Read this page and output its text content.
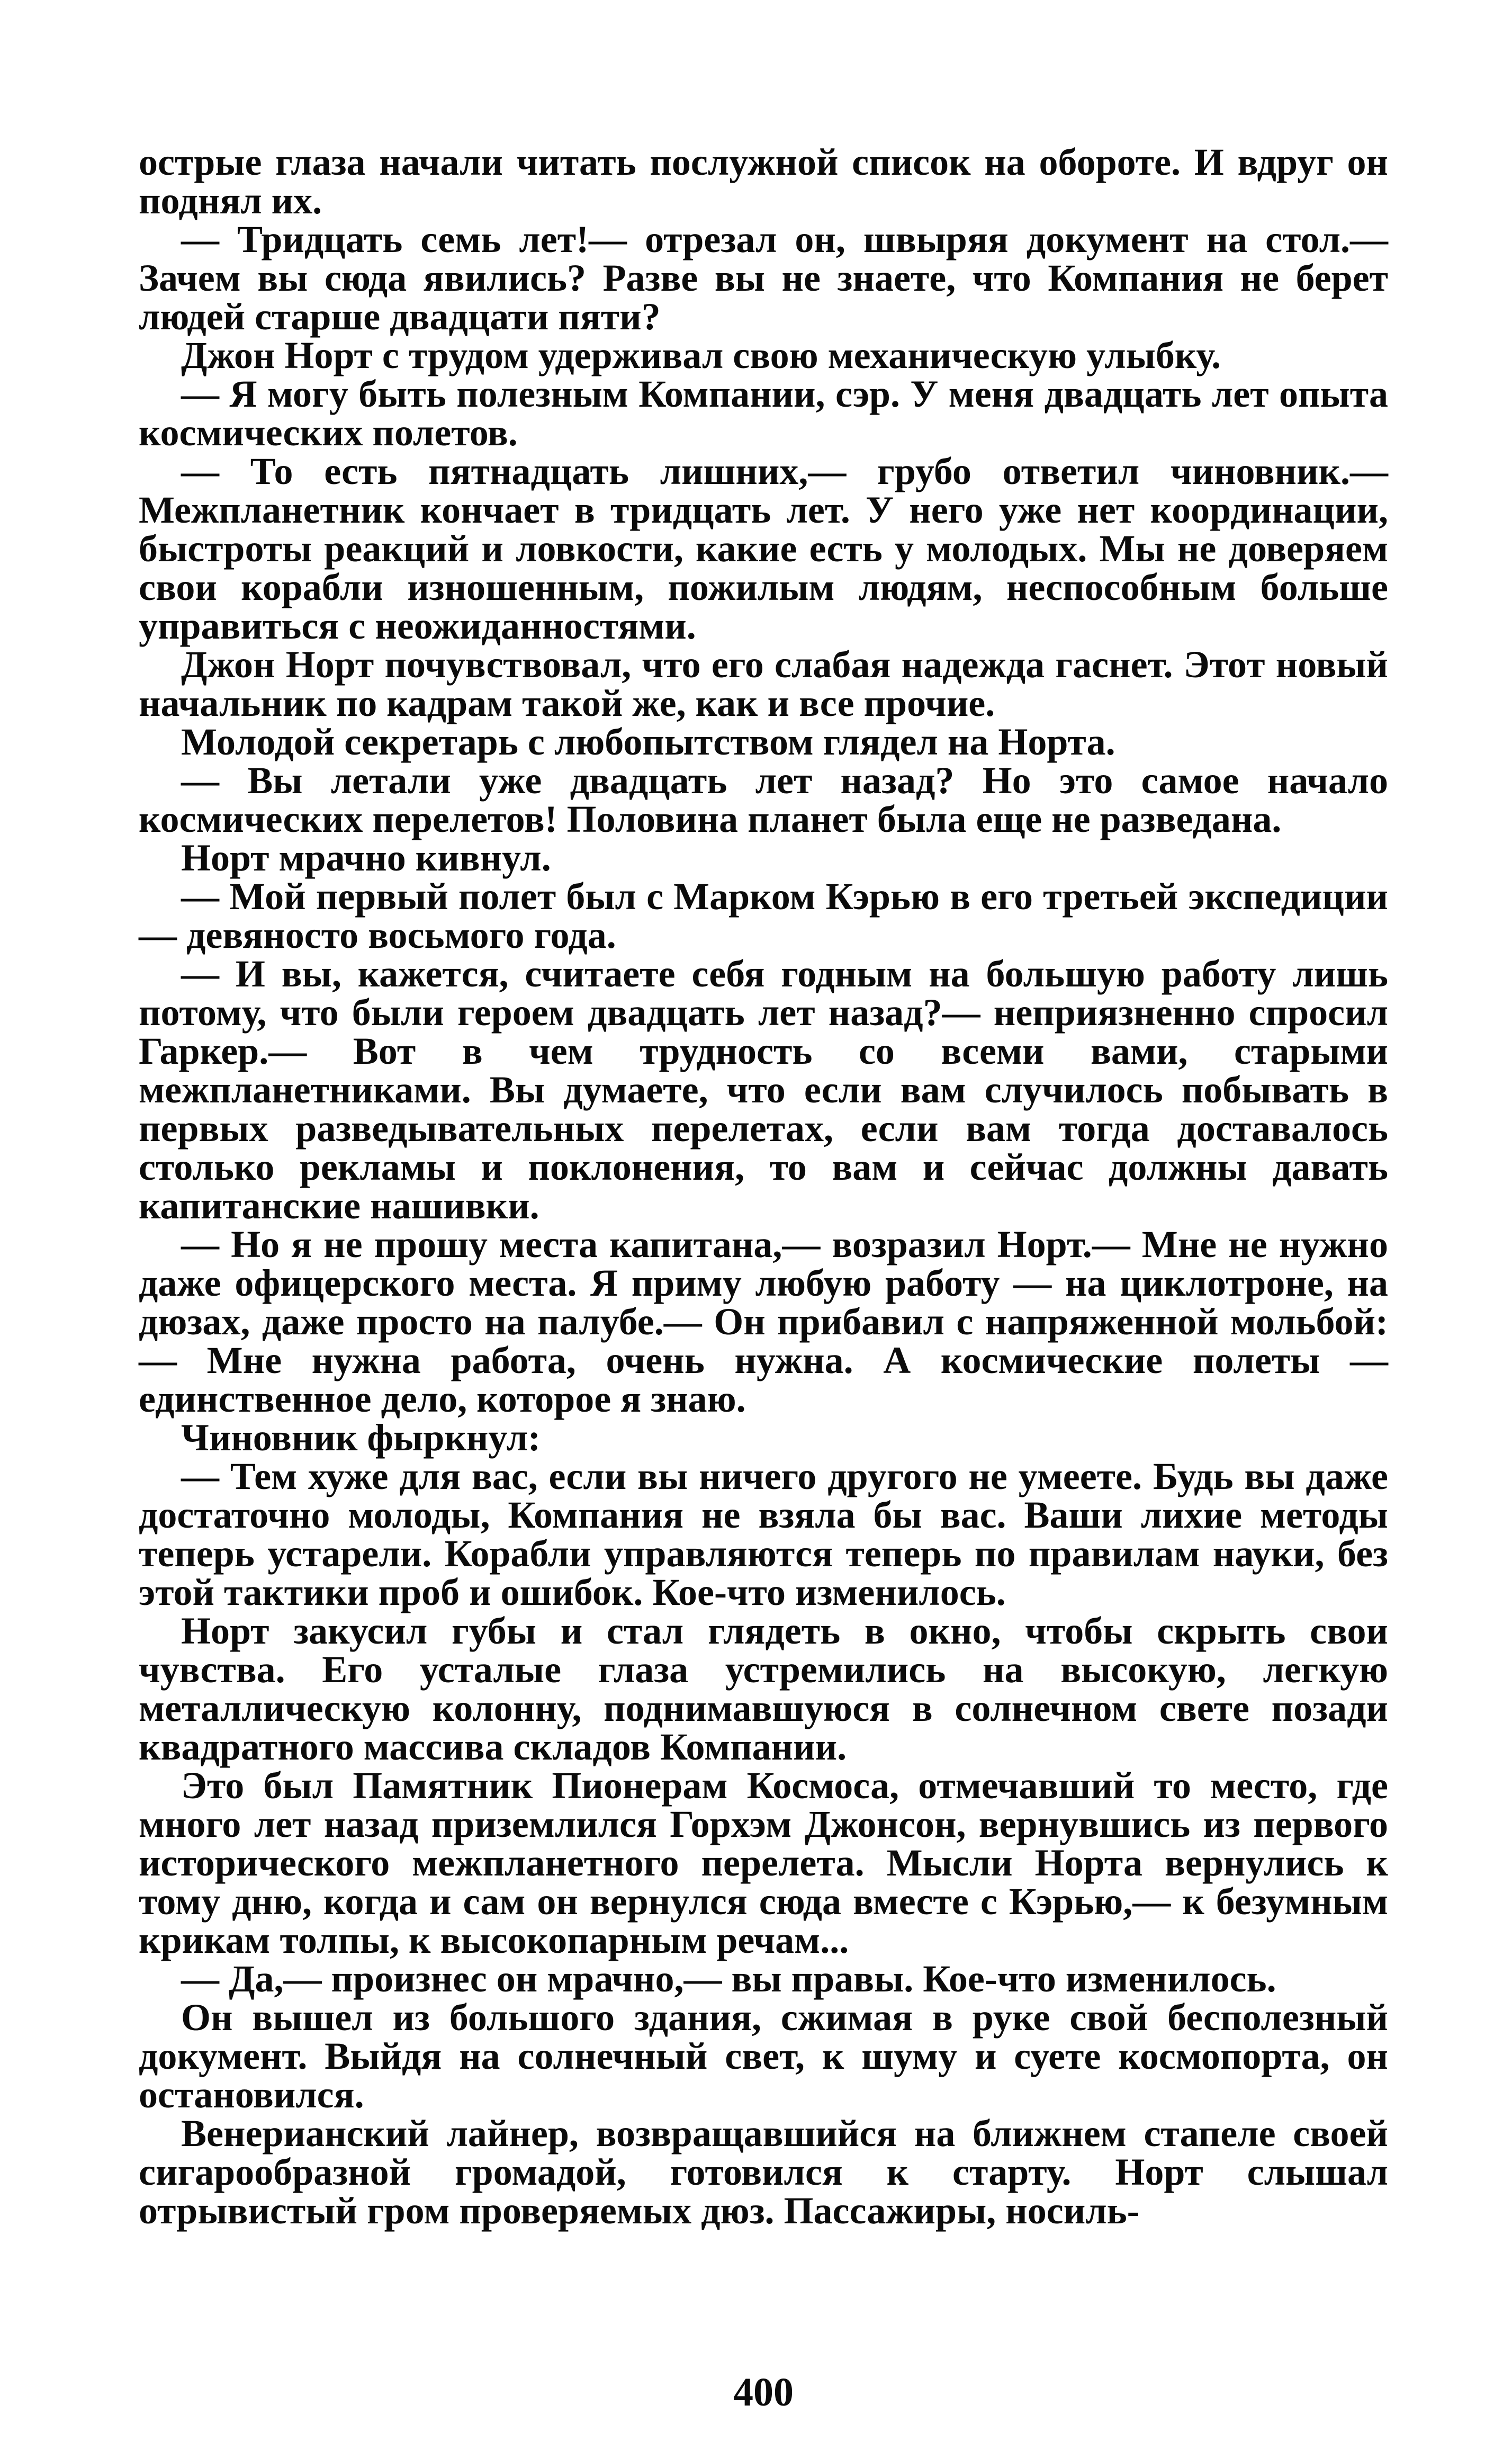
острые глаза начали читать послужной список на обороте. И вдруг он поднял их.

— Тридцать семь лет!— отрезал он, швыряя документ на стол.— Зачем вы сюда явились? Разве вы не знаете, что Компания не берет людей старше двадцати пяти?

Джон Норт с трудом удерживал свою механическую улыбку.

— Я могу быть полезным Компании, сэр. У меня двадцать лет опыта космических полетов.

— То есть пятнадцать лишних,— грубо ответил чиновник.— Межпланетник кончает в тридцать лет. У него уже нет координации, быстроты реакций и ловкости, какие есть у молодых. Мы не доверяем свои корабли изношенным, пожилым людям, неспособным больше управиться с неожиданностями.

Джон Норт почувствовал, что его слабая надежда гаснет. Этот новый начальник по кадрам такой же, как и все прочие.

Молодой секретарь с любопытством глядел на Норта.

— Вы летали уже двадцать лет назад? Но это самое начало космических перелетов! Половина планет была еще не разведана.

Норт мрачно кивнул.

— Мой первый полет был с Марком Кэрью в его третьей экспедиции — девяносто восьмого года.

— И вы, кажется, считаете себя годным на большую работу лишь потому, что были героем двадцать лет назад?— неприязненно спросил Гаркер.— Вот в чем трудность со всеми вами, старыми межпланетниками. Вы думаете, что если вам случилось побывать в первых разведывательных перелетах, если вам тогда доставалось столько рекламы и поклонения, то вам и сейчас должны давать капитанские нашивки.

— Но я не прошу места капитана,— возразил Норт.— Мне не нужно даже офицерского места. Я приму любую работу — на циклотроне, на дюзах, даже просто на палубе.— Он прибавил с напряженной мольбой:— Мне нужна работа, очень нужна. А космические полеты — единственное дело, которое я знаю.

Чиновник фыркнул:

— Тем хуже для вас, если вы ничего другого не умеете. Будь вы даже достаточно молоды, Компания не взяла бы вас. Ваши лихие методы теперь устарели. Корабли управляются теперь по правилам науки, без этой тактики проб и ошибок. Кое-что изменилось.

Норт закусил губы и стал глядеть в окно, чтобы скрыть свои чувства. Его усталые глаза устремились на высокую, легкую металлическую колонну, поднимавшуюся в солнечном свете позади квадратного массива складов Компании.

Это был Памятник Пионерам Космоса, отмечавший то место, где много лет назад приземлился Горхэм Джонсон, вернувшись из первого исторического межпланетного перелета. Мысли Норта вернулись к тому дню, когда и сам он вернулся сюда вместе с Кэрью,— к безумным крикам толпы, к высокопарным речам...

— Да,— произнес он мрачно,— вы правы. Кое-что изменилось.

Он вышел из большого здания, сжимая в руке свой бесполезный документ. Выйдя на солнечный свет, к шуму и суете космопорта, он остановился.

Венерианский лайнер, возвращавшийся на ближнем стапеле своей сигарообразной громадой, готовился к старту. Норт слышал отрывистый гром проверяемых дюз. Пассажиры, носиль-

400
